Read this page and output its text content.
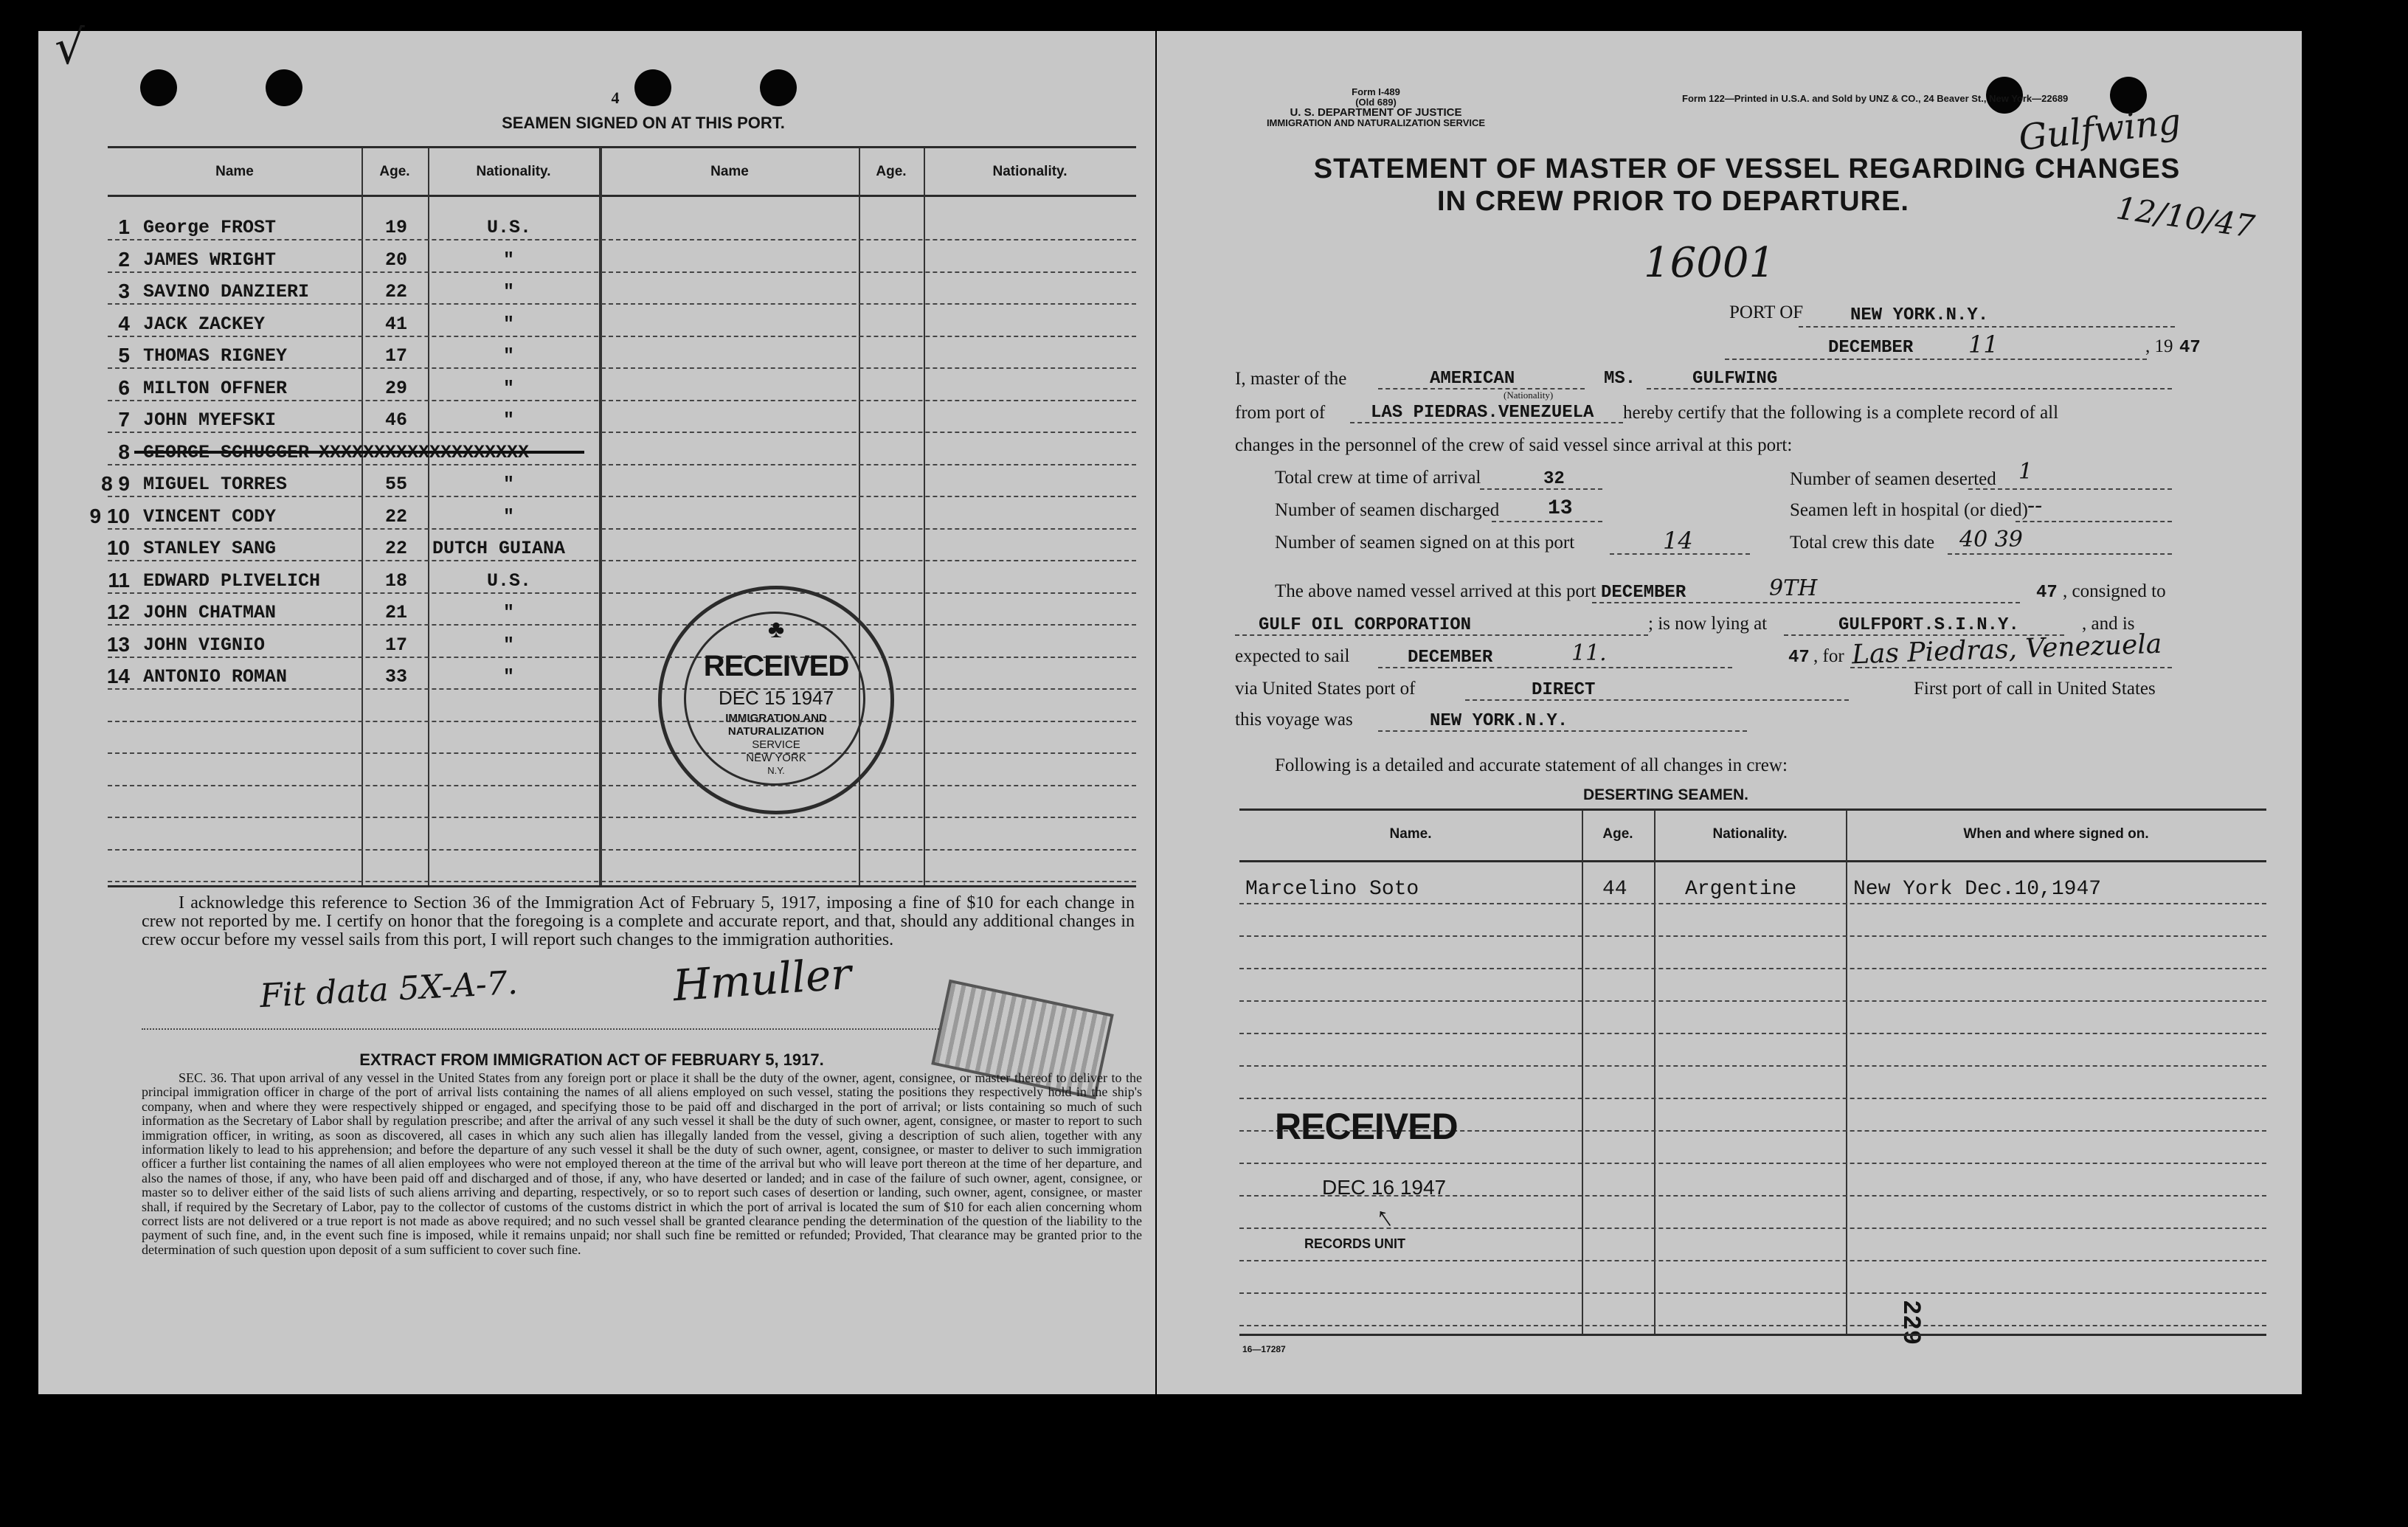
√
4
SEAMEN SIGNED ON AT THIS PORT.
Name	Age.	Nationality.	Name	Age.	Nationality.
1 George FROST	19	U.S.
2 JAMES WRIGHT	20	"
3 SAVINO DANZIERI	22	"
4 JACK ZACKEY	41	"
5 THOMAS RIGNEY	17	"
6 MILTON OFFNER	29	"
7 JOHN MYEFSKI	46	"
8 GEORGE SCHUGGER XXXXXXXXXXXXXXXXXXX
8 9 MIGUEL TORRES	55	"
9 10 VINCENT CODY	22	"
10 STANLEY SANG	22 DUTCH GUIANA
11 EDWARD PLIVELICH	18	U.S.
12 JOHN CHATMAN	21	"
13 JOHN VIGNIO	17	"
14 ANTONIO ROMAN	33	"
♣
RECEIVED
DEC 15 1947
IMMIGRATION AND
NATURALIZATION
SERVICE
NEW YORK
N.Y.

I acknowledge this reference to Section 36 of the Immigration Act of February 5, 1917, imposing a fine of $10 for each change in crew not reported by me. I certify on honor that the foregoing is a complete and accurate report, and that, should any additional changes in crew occur before my vessel sails from this port, I will report such changes to the immigration authorities.

Fit data 5X-A-7.	Hmuller
EXTRACT FROM IMMIGRATION ACT OF FEBRUARY 5, 1917.

SEC. 36. That upon arrival of any vessel in the United States from any foreign port or place it shall be the duty of the owner, agent, consignee, or master thereof to deliver to the principal immigration officer in charge of the port of arrival lists containing the names of all aliens employed on such vessel, stating the positions they respectively hold in the ship's company, when and where they were respectively shipped or engaged, and specifying those to be paid off and discharged in the port of arrival; or lists containing so much of such information as the Secretary of Labor shall by regulation prescribe; and after the arrival of any such vessel it shall be the duty of such owner, agent, consignee, or master to report to such immigration officer, in writing, as soon as discovered, all cases in which any such alien has illegally landed from the vessel, giving a description of such alien, together with any information likely to lead to his apprehension; and before the departure of any such vessel it shall be the duty of such owner, agent, consignee, or master to deliver to such immigration officer a further list containing the names of all alien employees who were not employed thereon at the time of the arrival but who will leave port thereon at the time of her departure, and also the names of those, if any, who have been paid off and discharged and of those, if any, who have deserted or landed; and in case of the failure of such owner, agent, consignee, or master so to deliver either of the said lists of such aliens arriving and departing, respectively, or so to report such cases of desertion or landing, such owner, agent, consignee, or master shall, if required by the Secretary of Labor, pay to the collector of customs of the customs district in which the port of arrival is located the sum of $10 for each alien concerning whom correct lists are not delivered or a true report is not made as above required; and no such vessel shall be granted clearance pending the determination of the question of the liability to the payment of such fine, and, in the event such fine is imposed, while it remains unpaid; nor shall such fine be remitted or refunded; Provided, That clearance may be granted prior to the determination of such question upon deposit of a sum sufficient to cover such fine.

Form I-489
(Old 689)
U. S. DEPARTMENT OF JUSTICE
IMMIGRATION AND NATURALIZATION SERVICE
Form 122—Printed in U.S.A. and Sold by UNZ & CO., 24 Beaver St., New York—22689
Gulfwing
12/10/47
STATEMENT OF MASTER OF VESSEL REGARDING CHANGES
IN CREW PRIOR TO DEPARTURE.
16001
PORT OF	NEW YORK.N.Y.
DECEMBER 11	, 19 47
I, master of the	AMERICAN
(Nationality)
MS.	GULFWING
from port of	LAS PIEDRAS.VENEZUELA hereby certify that the following is a complete record of all
changes in the personnel of the crew of said vessel since arrival at this port:
Total crew at time of arrival	32
Number of seamen discharged 13
Number of seamen signed on at this port	14
Number of seamen deserted 1
Seamen left in hospital (or died) --
Total crew this date 40 39
The above named vessel arrived at this port DECEMBER	9TH	47 , consigned to
GULF OIL CORPORATION	; is now lying at	GULFPORT.S.I.N.Y.	, and is
expected to sail	DECEMBER	11.	47 , for Las Piedras, Venezuela
via United States port of	DIRECT	First port of call in United States
this voyage was	NEW YORK.N.Y.
Following is a detailed and accurate statement of all changes in crew:
DESERTING SEAMEN.
Name.	Age.	Nationality.	When and where signed on.
Marcelino Soto	44	Argentine	New York Dec.10,1947
RECEIVED
DEC 16 1947
↑
RECORDS UNIT
229
16—17287
